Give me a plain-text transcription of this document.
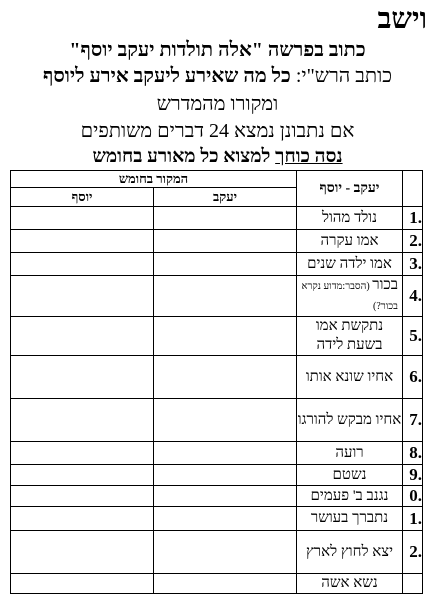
וישב
כתוב בפרשה "אלה תולדות יעקב יוסף"
כותב הרש"י: כל מה שאירע ליעקב אירע ליוסף
ומקורו מהמדרש
אם נתבונן נמצא 24 דברים משותפים
נסה כוחך למצוא כל מאורע בחומש
	יעקב - יוסף	המקור בחומש	
		יעקב	יוסף
.1	נולד מהול		
.2	אמו עקרה		
.3	אמו ילדה שנים		
.4	בכור (הסבר:מדוע נקרא בכור?)		
.5	נתקשת אמו בשעת לידה		
.6	אחיו שונא אותו		
.7	אחיו מבקש להורגו		
.8	רועה		
.9	נשטם		
.0	נגנב ב' פעמים		
.1	נתברך בעושר		
.2	יצא לחוץ לארץ		
	נשא אשה		
